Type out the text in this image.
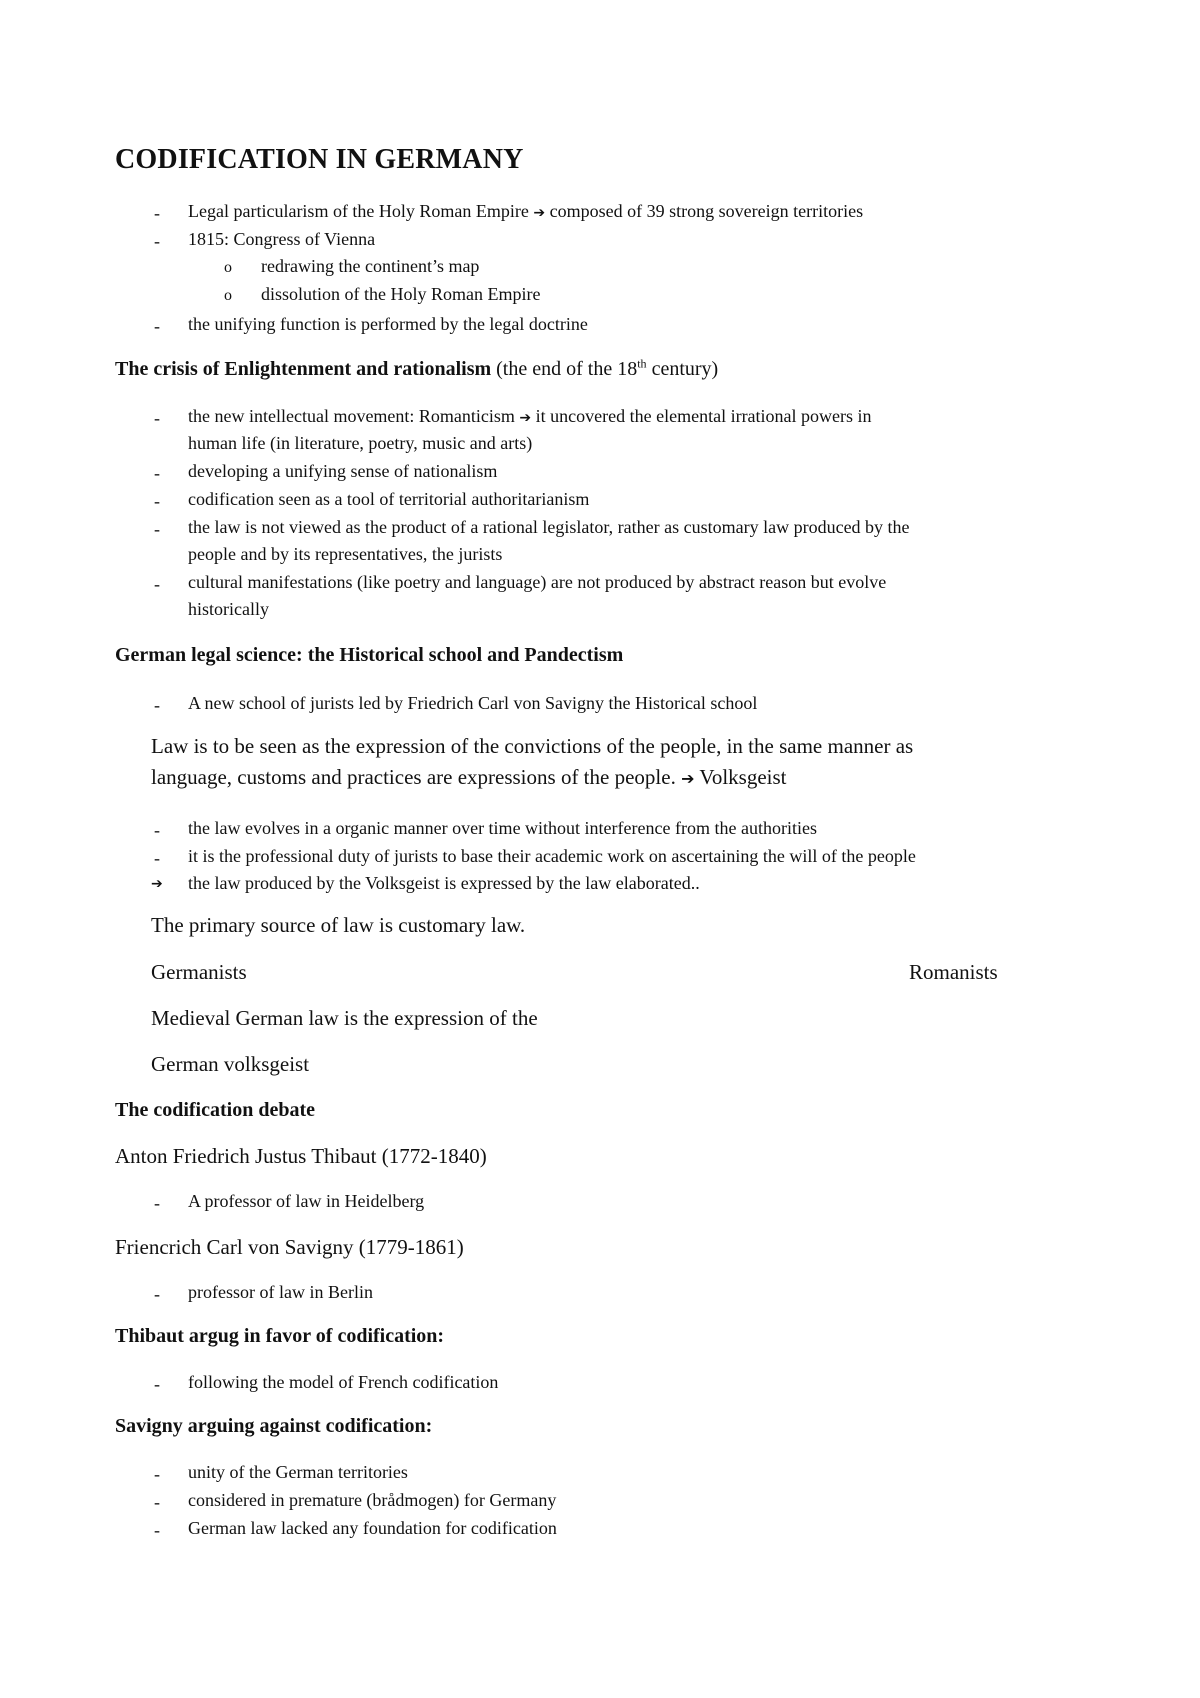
CODIFICATION IN GERMANY
- Legal particularism of the Holy Roman Empire ➔ composed of 39 strong sovereign territories
- 1815: Congress of Vienna
o redrawing the continent’s map
o dissolution of the Holy Roman Empire
- the unifying function is performed by the legal doctrine
The crisis of Enlightenment and rationalism (the end of the 18th century)
- the new intellectual movement: Romanticism ➔ it uncovered the elemental irrational powers in
human life (in literature, poetry, music and arts)
- developing a unifying sense of nationalism
- codification seen as a tool of territorial authoritarianism
- the law is not viewed as the product of a rational legislator, rather as customary law produced by the
people and by its representatives, the jurists
- cultural manifestations (like poetry and language) are not produced by abstract reason but evolve
historically
German legal science: the Historical school and Pandectism
- A new school of jurists led by Friedrich Carl von Savigny the Historical school
Law is to be seen as the expression of the convictions of the people, in the same manner as
language, customs and practices are expressions of the people. ➔ Volksgeist
- the law evolves in a organic manner over time without interference from the authorities
- it is the professional duty of jurists to base their academic work on ascertaining the will of the people
➔ the law produced by the Volksgeist is expressed by the law elaborated..
The primary source of law is customary law.
Germanists	Romanists
Medieval German law is the expression of the
German volksgeist
The codification debate
Anton Friedrich Justus Thibaut (1772-1840)
- A professor of law in Heidelberg
Friencrich Carl von Savigny (1779-1861)
- professor of law in Berlin
Thibaut argug in favor of codification:
- following the model of French codification
Savigny arguing against codification:
- unity of the German territories
- considered in premature (brådmogen) for Germany
- German law lacked any foundation for codification
